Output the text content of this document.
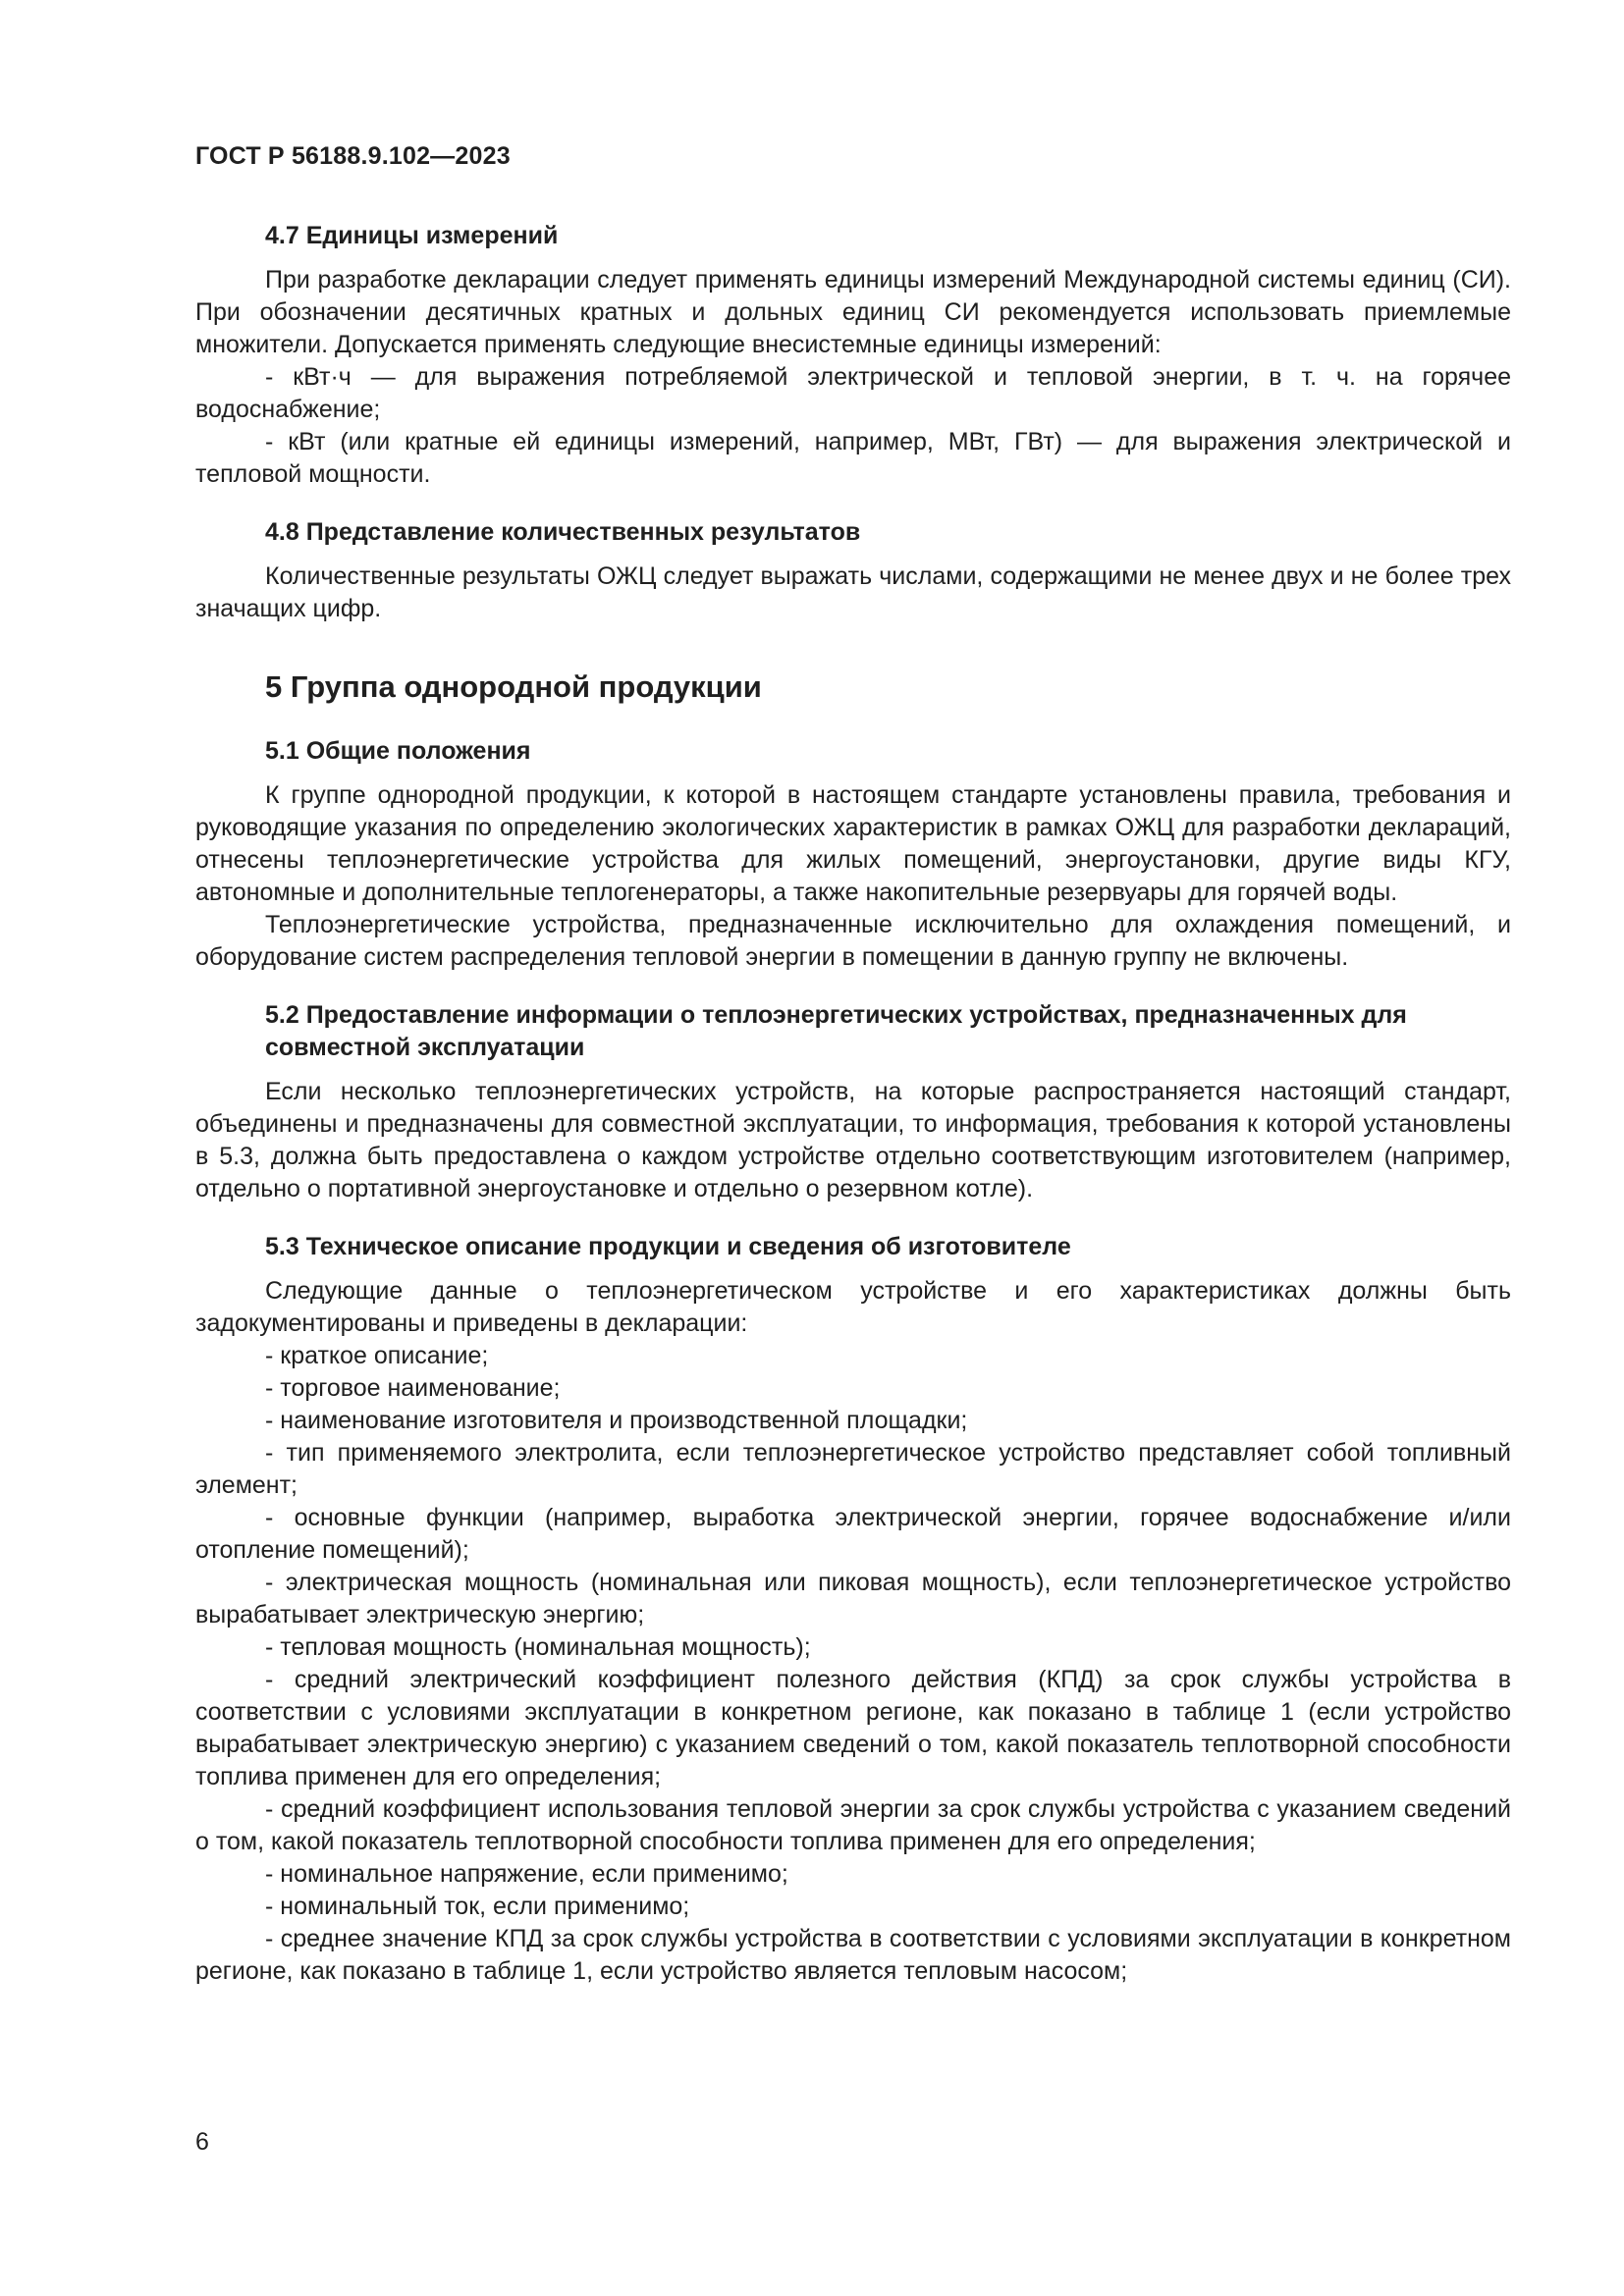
ГОСТ Р 56188.9.102—2023
4.7 Единицы измерений

При разработке декларации следует применять единицы измерений Международной системы единиц (СИ). При обозначении десятичных кратных и дольных единиц СИ рекомендуется использовать приемлемые множители. Допускается применять следующие внесистемные единицы измерений:

- кВт·ч — для выражения потребляемой электрической и тепловой энергии, в т. ч. на горячее водоснабжение;

- кВт (или кратные ей единицы измерений, например, МВт, ГВт) — для выражения электрической и тепловой мощности.

4.8 Представление количественных результатов

Количественные результаты ОЖЦ следует выражать числами, содержащими не менее двух и не более трех значащих цифр.

5 Группа однородной продукции
5.1 Общие положения

К группе однородной продукции, к которой в настоящем стандарте установлены правила, требования и руководящие указания по определению экологических характеристик в рамках ОЖЦ для разработки деклараций, отнесены теплоэнергетические устройства для жилых помещений, энергоустановки, другие виды КГУ, автономные и дополнительные теплогенераторы, а также накопительные резервуары для горячей воды.

Теплоэнергетические устройства, предназначенные исключительно для охлаждения помещений, и оборудование систем распределения тепловой энергии в помещении в данную группу не включены.

5.2 Предоставление информации о теплоэнергетических устройствах, предназначенных для совместной эксплуатации

Если несколько теплоэнергетических устройств, на которые распространяется настоящий стандарт, объединены и предназначены для совместной эксплуатации, то информация, требования к которой установлены в 5.3, должна быть предоставлена о каждом устройстве отдельно соответствующим изготовителем (например, отдельно о портативной энергоустановке и отдельно о резервном котле).

5.3 Техническое описание продукции и сведения об изготовителе

Следующие данные о теплоэнергетическом устройстве и его характеристиках должны быть задокументированы и приведены в декларации:

- краткое описание;

- торговое наименование;

- наименование изготовителя и производственной площадки;

- тип применяемого электролита, если теплоэнергетическое устройство представляет собой топливный элемент;

- основные функции (например, выработка электрической энергии, горячее водоснабжение и/или отопление помещений);

- электрическая мощность (номинальная или пиковая мощность), если теплоэнергетическое устройство вырабатывает электрическую энергию;

- тепловая мощность (номинальная мощность);

- средний электрический коэффициент полезного действия (КПД) за срок службы устройства в соответствии с условиями эксплуатации в конкретном регионе, как показано в таблице 1 (если устройство вырабатывает электрическую энергию) с указанием сведений о том, какой показатель теплотворной способности топлива применен для его определения;

- средний коэффициент использования тепловой энергии за срок службы устройства с указанием сведений о том, какой показатель теплотворной способности топлива применен для его определения;

- номинальное напряжение, если применимо;

- номинальный ток, если применимо;

- среднее значение КПД за срок службы устройства в соответствии с условиями эксплуатации в конкретном регионе, как показано в таблице 1, если устройство является тепловым насосом;

6
